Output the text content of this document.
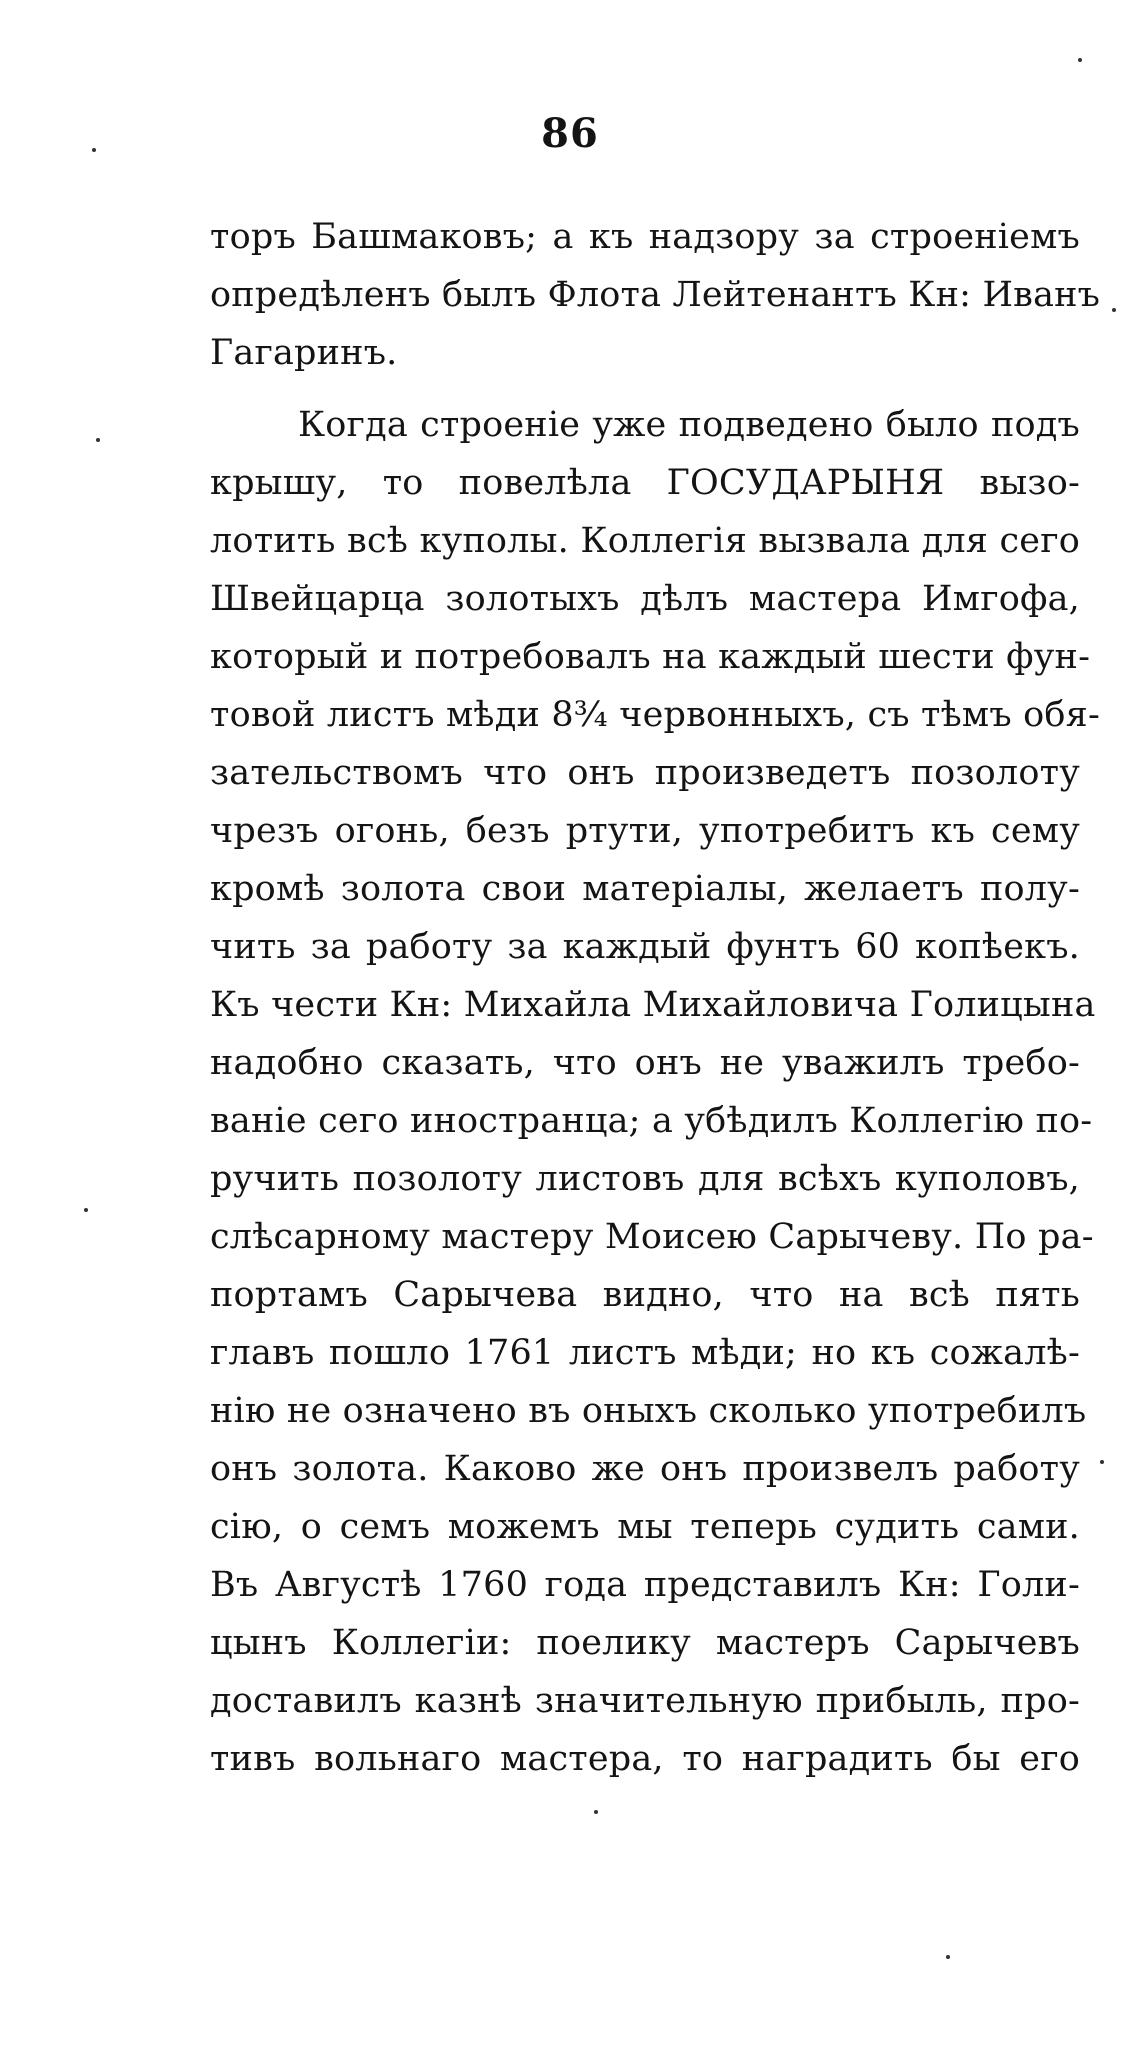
86
торъ Башмаковъ; а къ надзору за строеніемъ
опредѣленъ былъ Флота Лейтенантъ Кн: Иванъ
Гагаринъ.
Когда строеніе уже подведено было подъ
крышу, то повелѣла ГОСУДАРЫНЯ вызо-
лотить всѣ куполы. Коллегія вызвала для сего
Швейцарца золотыхъ дѣлъ мастера Имгофа,
который и потребовалъ на каждый шести фун-
товой листъ мѣди 8¾ червонныхъ, съ тѣмъ обя-
зательствомъ что онъ произведетъ позолоту
чрезъ огонь, безъ ртути, употребитъ къ сему
кромѣ золота свои матеріалы, желаетъ полу-
чить за работу за каждый фунтъ 60 копѣекъ.
Къ чести Кн: Михайла Михайловича Голицына
надобно сказать, что онъ не уважилъ требо-
ваніе сего иностранца; а убѣдилъ Коллегію по-
ручить позолоту листовъ для всѣхъ куполовъ,
слѣсарному мастеру Моисею Сарычеву. По ра-
портамъ Сарычева видно, что на всѣ пять
главъ пошло 1761 листъ мѣди; но къ сожалѣ-
нію не означено въ оныхъ сколько употребилъ
онъ золота. Каково же онъ произвелъ работу
сію, о семъ можемъ мы теперь судить сами.
Въ Августѣ 1760 года представилъ Кн: Голи-
цынъ Коллегіи: поелику мастеръ Сарычевъ
доставилъ казнѣ значительную прибыль, про-
тивъ вольнаго мастера, то наградить бы его
